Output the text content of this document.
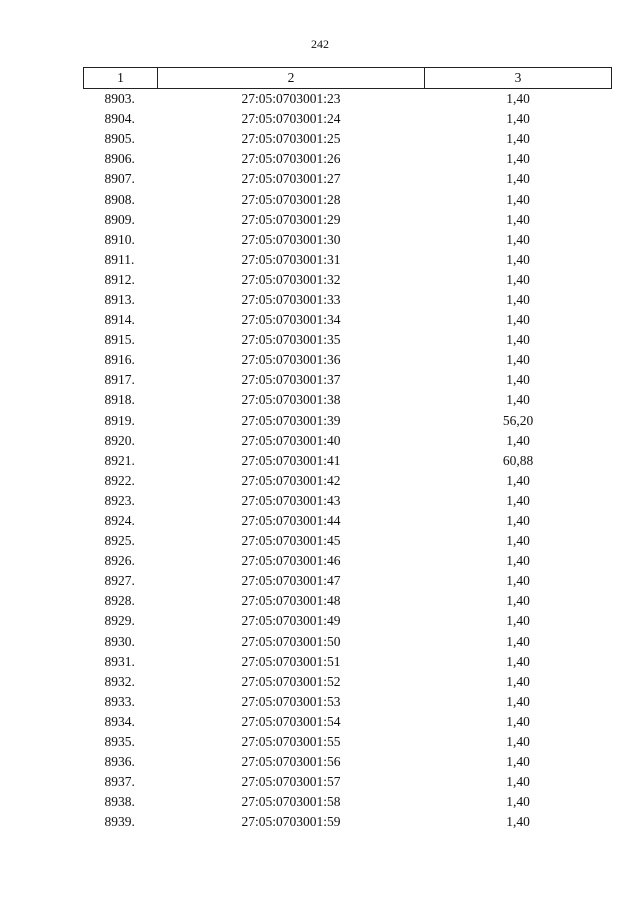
242
1	2	3
8903.	27:05:0703001:23	1,40
8904.	27:05:0703001:24	1,40
8905.	27:05:0703001:25	1,40
8906.	27:05:0703001:26	1,40
8907.	27:05:0703001:27	1,40
8908.	27:05:0703001:28	1,40
8909.	27:05:0703001:29	1,40
8910.	27:05:0703001:30	1,40
8911.	27:05:0703001:31	1,40
8912.	27:05:0703001:32	1,40
8913.	27:05:0703001:33	1,40
8914.	27:05:0703001:34	1,40
8915.	27:05:0703001:35	1,40
8916.	27:05:0703001:36	1,40
8917.	27:05:0703001:37	1,40
8918.	27:05:0703001:38	1,40
8919.	27:05:0703001:39	56,20
8920.	27:05:0703001:40	1,40
8921.	27:05:0703001:41	60,88
8922.	27:05:0703001:42	1,40
8923.	27:05:0703001:43	1,40
8924.	27:05:0703001:44	1,40
8925.	27:05:0703001:45	1,40
8926.	27:05:0703001:46	1,40
8927.	27:05:0703001:47	1,40
8928.	27:05:0703001:48	1,40
8929.	27:05:0703001:49	1,40
8930.	27:05:0703001:50	1,40
8931.	27:05:0703001:51	1,40
8932.	27:05:0703001:52	1,40
8933.	27:05:0703001:53	1,40
8934.	27:05:0703001:54	1,40
8935.	27:05:0703001:55	1,40
8936.	27:05:0703001:56	1,40
8937.	27:05:0703001:57	1,40
8938.	27:05:0703001:58	1,40
8939.	27:05:0703001:59	1,40
